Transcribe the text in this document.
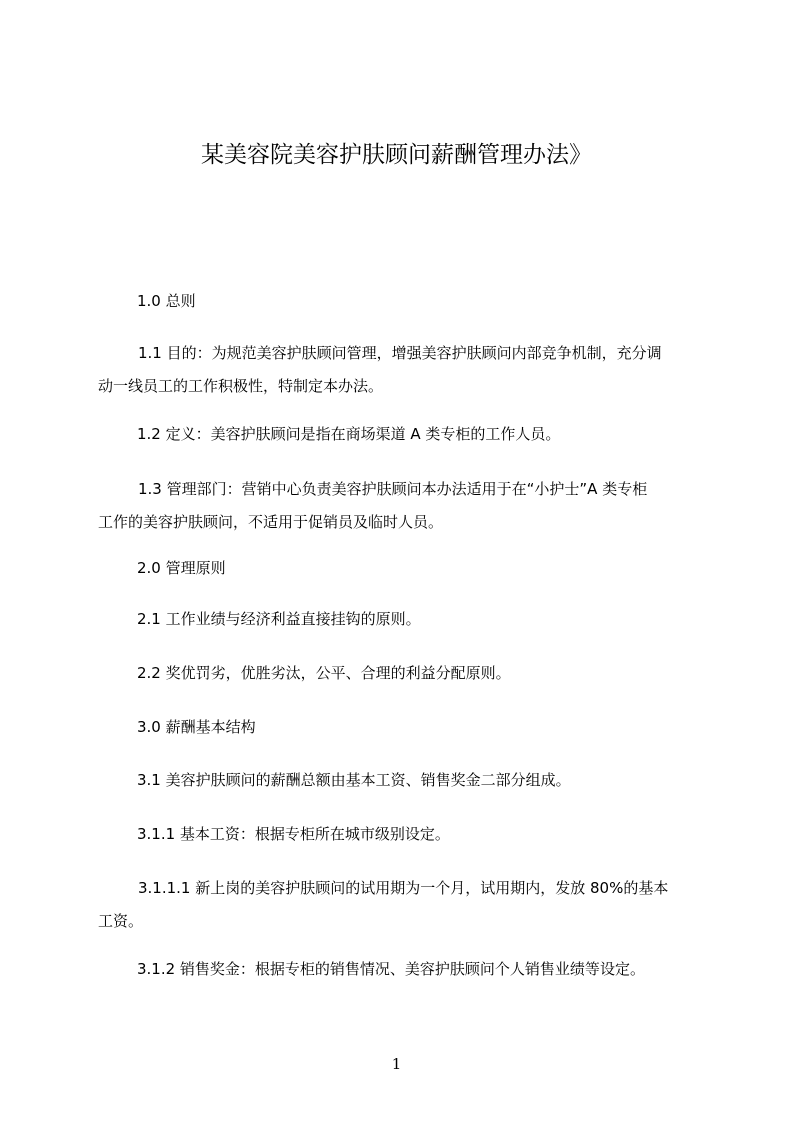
某美容院美容护肤顾问薪酬管理办法》
1.0 总则
1.1 目的：为规范美容护肤顾问管理，增强美容护肤顾问内部竞争机制，充分调
动一线员工的工作积极性，特制定本办法。
1.2 定义：美容护肤顾问是指在商场渠道 A 类专柜的工作人员。
1.3 管理部门：营销中心负责美容护肤顾问本办法适用于在“小护士”A 类专柜
工作的美容护肤顾问，不适用于促销员及临时人员。
2.0 管理原则
2.1 工作业绩与经济利益直接挂钩的原则。
2.2 奖优罚劣，优胜劣汰，公平、合理的利益分配原则。
3.0 薪酬基本结构
3.1 美容护肤顾问的薪酬总额由基本工资、销售奖金二部分组成。
3.1.1 基本工资：根据专柜所在城市级别设定。
3.1.1.1 新上岗的美容护肤顾问的试用期为一个月，试用期内，发放 80%的基本
工资。
3.1.2 销售奖金：根据专柜的销售情况、美容护肤顾问个人销售业绩等设定。
1
